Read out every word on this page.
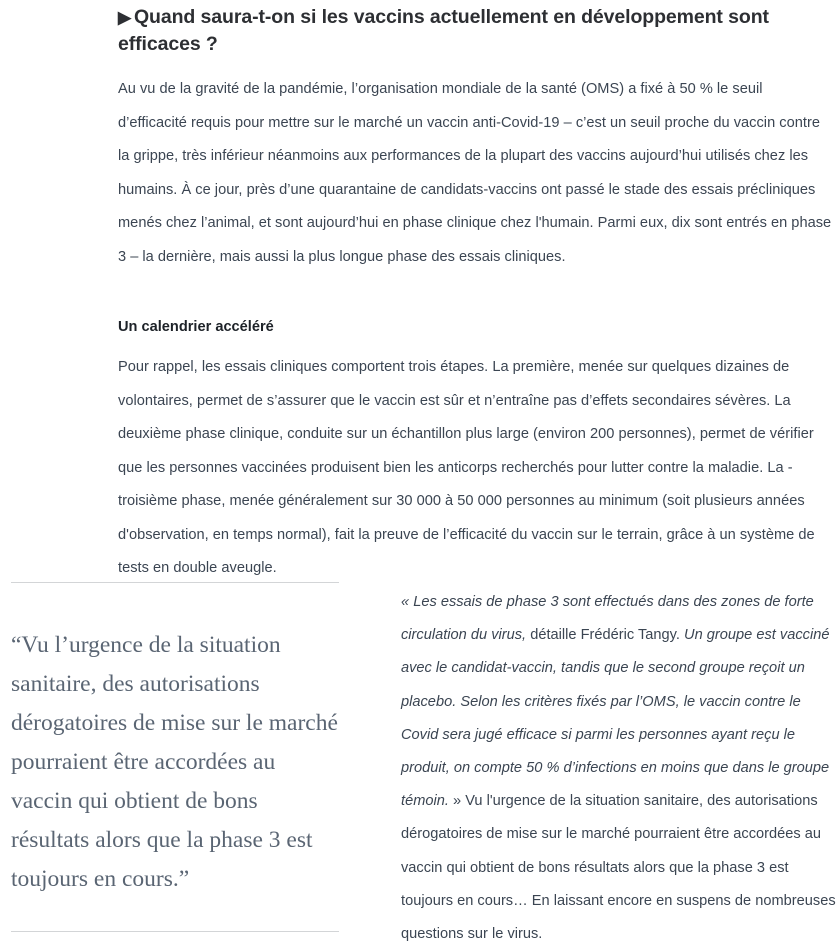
▶ Quand saura-t-on si les vaccins actuellement en développement sont efficaces ?

Au vu de la gravité de la pandémie, l’organisation mondiale de la santé (OMS) a fixé à 50 % le seuil d’efficacité requis pour mettre sur le marché un vaccin anti-Covid-19 – c’est un seuil proche du vaccin contre la grippe, très inférieur néanmoins aux performances de la plupart des vaccins aujourd’hui utilisés chez les humains. À ce jour, près d’une quarantaine de candidats-vaccins ont passé le stade des essais précliniques menés chez l’animal, et sont aujourd’hui en phase clinique chez l'humain. Parmi eux, dix sont entrés en phase 3 – la dernière, mais aussi la plus longue phase des essais cliniques.

Un calendrier accéléré

Pour rappel, les essais cliniques comportent trois étapes. La première, menée sur quelques dizaines de volontaires, permet de s’assurer que le vaccin est sûr et n’entraîne pas d’effets secondaires sévères. La deuxième phase clinique, conduite sur un échantillon plus large (environ 200 personnes), permet de vérifier que les personnes vaccinées produisent bien les anticorps recherchés pour lutter contre la maladie. La -troisième phase, menée généralement sur 30 000 à 50 000 personnes au minimum (soit plusieurs années d'observation, en temps normal), fait la preuve de l’efficacité du vaccin sur le terrain, grâce à un système de tests en double aveugle.

“Vu l’urgence de la situation sanitaire, des autorisations dérogatoires de mise sur le marché pourraient être accordées au vaccin qui obtient de bons résultats alors que la phase 3 est toujours en cours.”

« Les essais de phase 3 sont effectués dans des zones de forte circulation du virus, détaille Frédéric Tangy. Un groupe est vacciné avec le candidat-vaccin, tandis que le second groupe reçoit un placebo. Selon les critères fixés par l’OMS, le vaccin contre le Covid sera jugé efficace si parmi les personnes ayant reçu le produit, on compte 50 % d’infections en moins que dans le groupe témoin. » Vu l'urgence de la situation sanitaire, des autorisations dérogatoires de mise sur le marché pourraient être accordées au vaccin qui obtient de bons résultats alors que la phase 3 est toujours en cours… En laissant encore en suspens de nombreuses questions sur le virus.
